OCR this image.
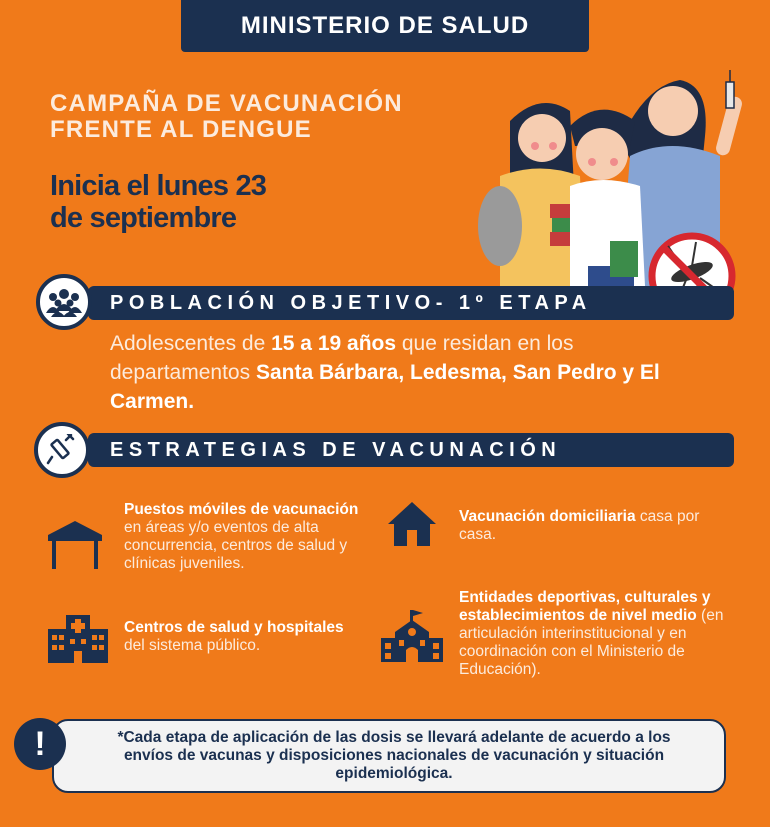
MINISTERIO DE SALUD
CAMPAÑA DE VACUNACIÓN
FRENTE AL DENGUE
Inicia el lunes 23
de septiembre
POBLACIÓN OBJETIVO- 1º ETAPA
Adolescentes de 15 a 19 años que residan en los departamentos Santa Bárbara, Ledesma, San Pedro y El Carmen.
ESTRATEGIAS DE VACUNACIÓN
Puestos móviles de vacunación en áreas y/o eventos de alta concurrencia, centros de salud y clínicas juveniles.
Vacunación domiciliaria casa por casa.
Centros de salud y hospitales del sistema público.
Entidades deportivas, culturales y establecimientos de nivel medio (en articulación interinstitucional y en coordinación con el Ministerio de Educación).
*Cada etapa de aplicación de las dosis se llevará adelante de acuerdo a los envíos de vacunas y disposiciones nacionales de vacunación y situación epidemiológica.
!
